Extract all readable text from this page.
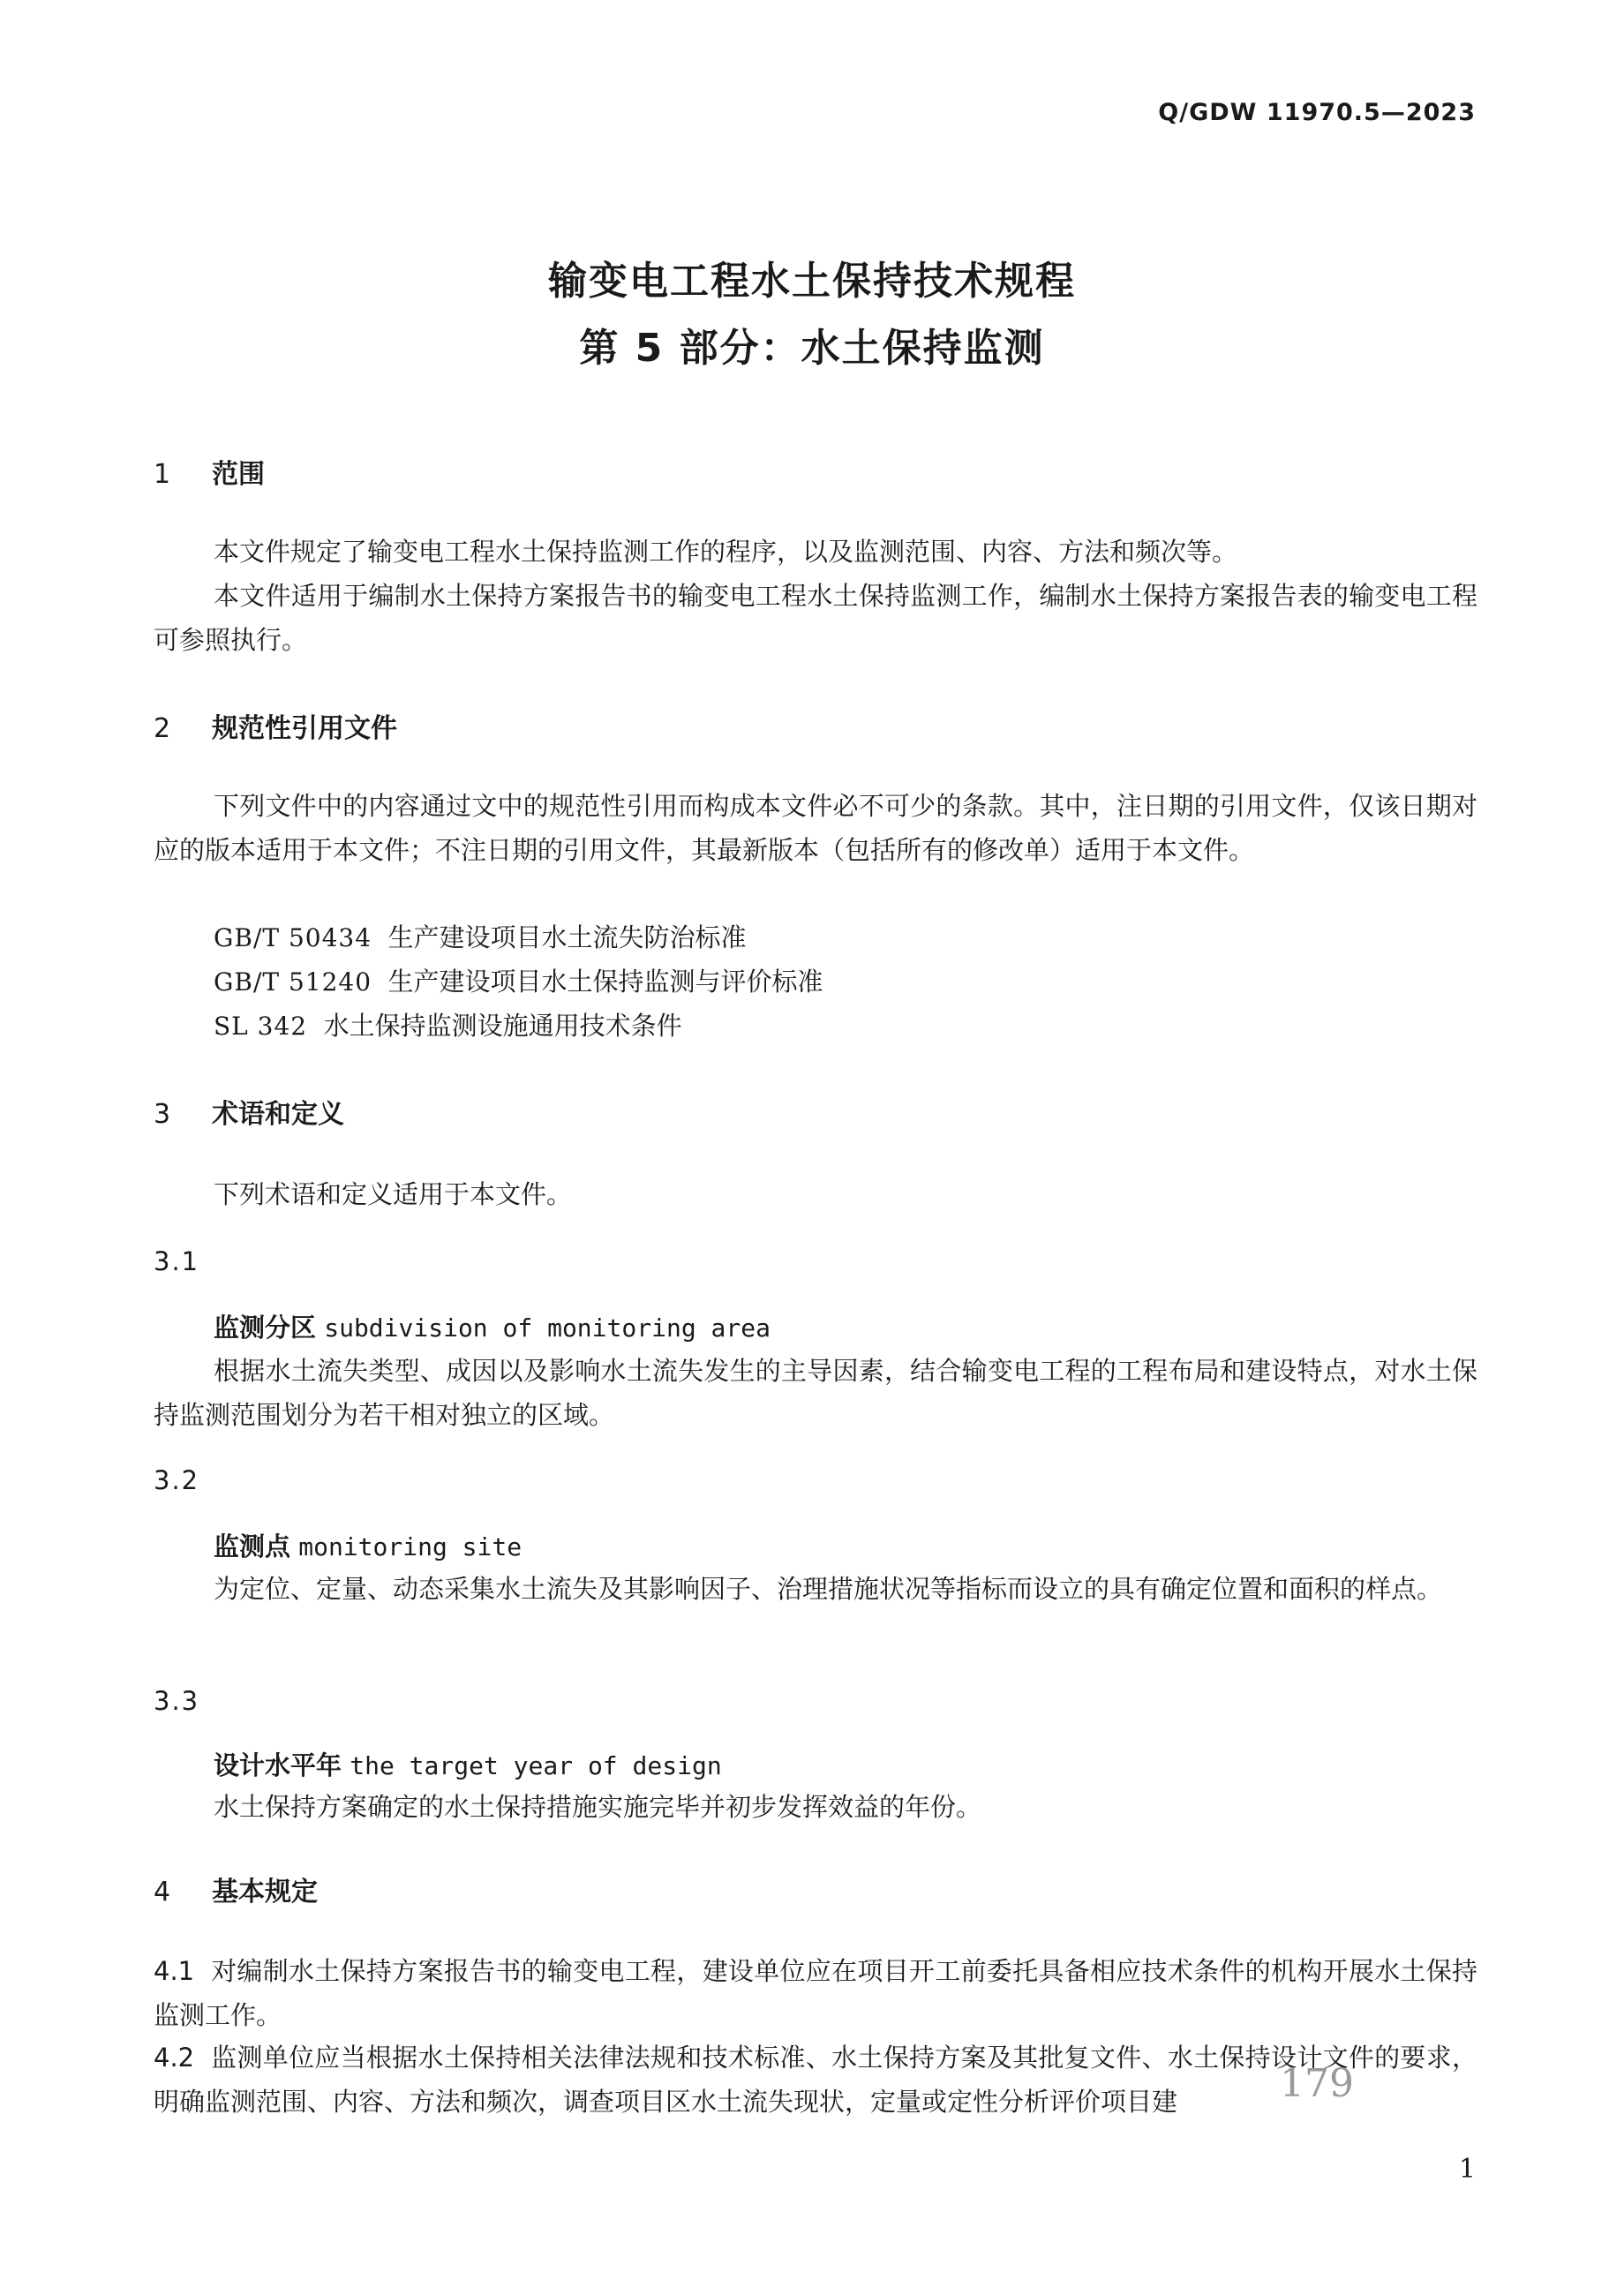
Q/GDW 11970.5—2023
输变电工程水土保持技术规程
第 5 部分：水土保持监测
1 范围
本文件规定了输变电工程水土保持监测工作的程序，以及监测范围、内容、方法和频次等。
本文件适用于编制水土保持方案报告书的输变电工程水土保持监测工作，编制水土保持方案报告表的输变电工程可参照执行。
2 规范性引用文件
下列文件中的内容通过文中的规范性引用而构成本文件必不可少的条款。其中，注日期的引用文件，仅该日期对应的版本适用于本文件；不注日期的引用文件，其最新版本（包括所有的修改单）适用于本文件。
GB/T 50434 生产建设项目水土流失防治标准
GB/T 51240 生产建设项目水土保持监测与评价标准
SL 342 水土保持监测设施通用技术条件
3 术语和定义
下列术语和定义适用于本文件。
3.1
监测分区 subdivision of monitoring area
根据水土流失类型、成因以及影响水土流失发生的主导因素，结合输变电工程的工程布局和建设特点，对水土保持监测范围划分为若干相对独立的区域。
3.2
监测点 monitoring site
为定位、定量、动态采集水土流失及其影响因子、治理措施状况等指标而设立的具有确定位置和面积的样点。
3.3
设计水平年 the target year of design
水土保持方案确定的水土保持措施实施完毕并初步发挥效益的年份。
4 基本规定
4.1 对编制水土保持方案报告书的输变电工程，建设单位应在项目开工前委托具备相应技术条件的机构开展水土保持监测工作。
4.2 监测单位应当根据水土保持相关法律法规和技术标准、水土保持方案及其批复文件、水土保持设计文件的要求，明确监测范围、内容、方法和频次，调查项目区水土流失现状，定量或定性分析评价项目建	179
1
